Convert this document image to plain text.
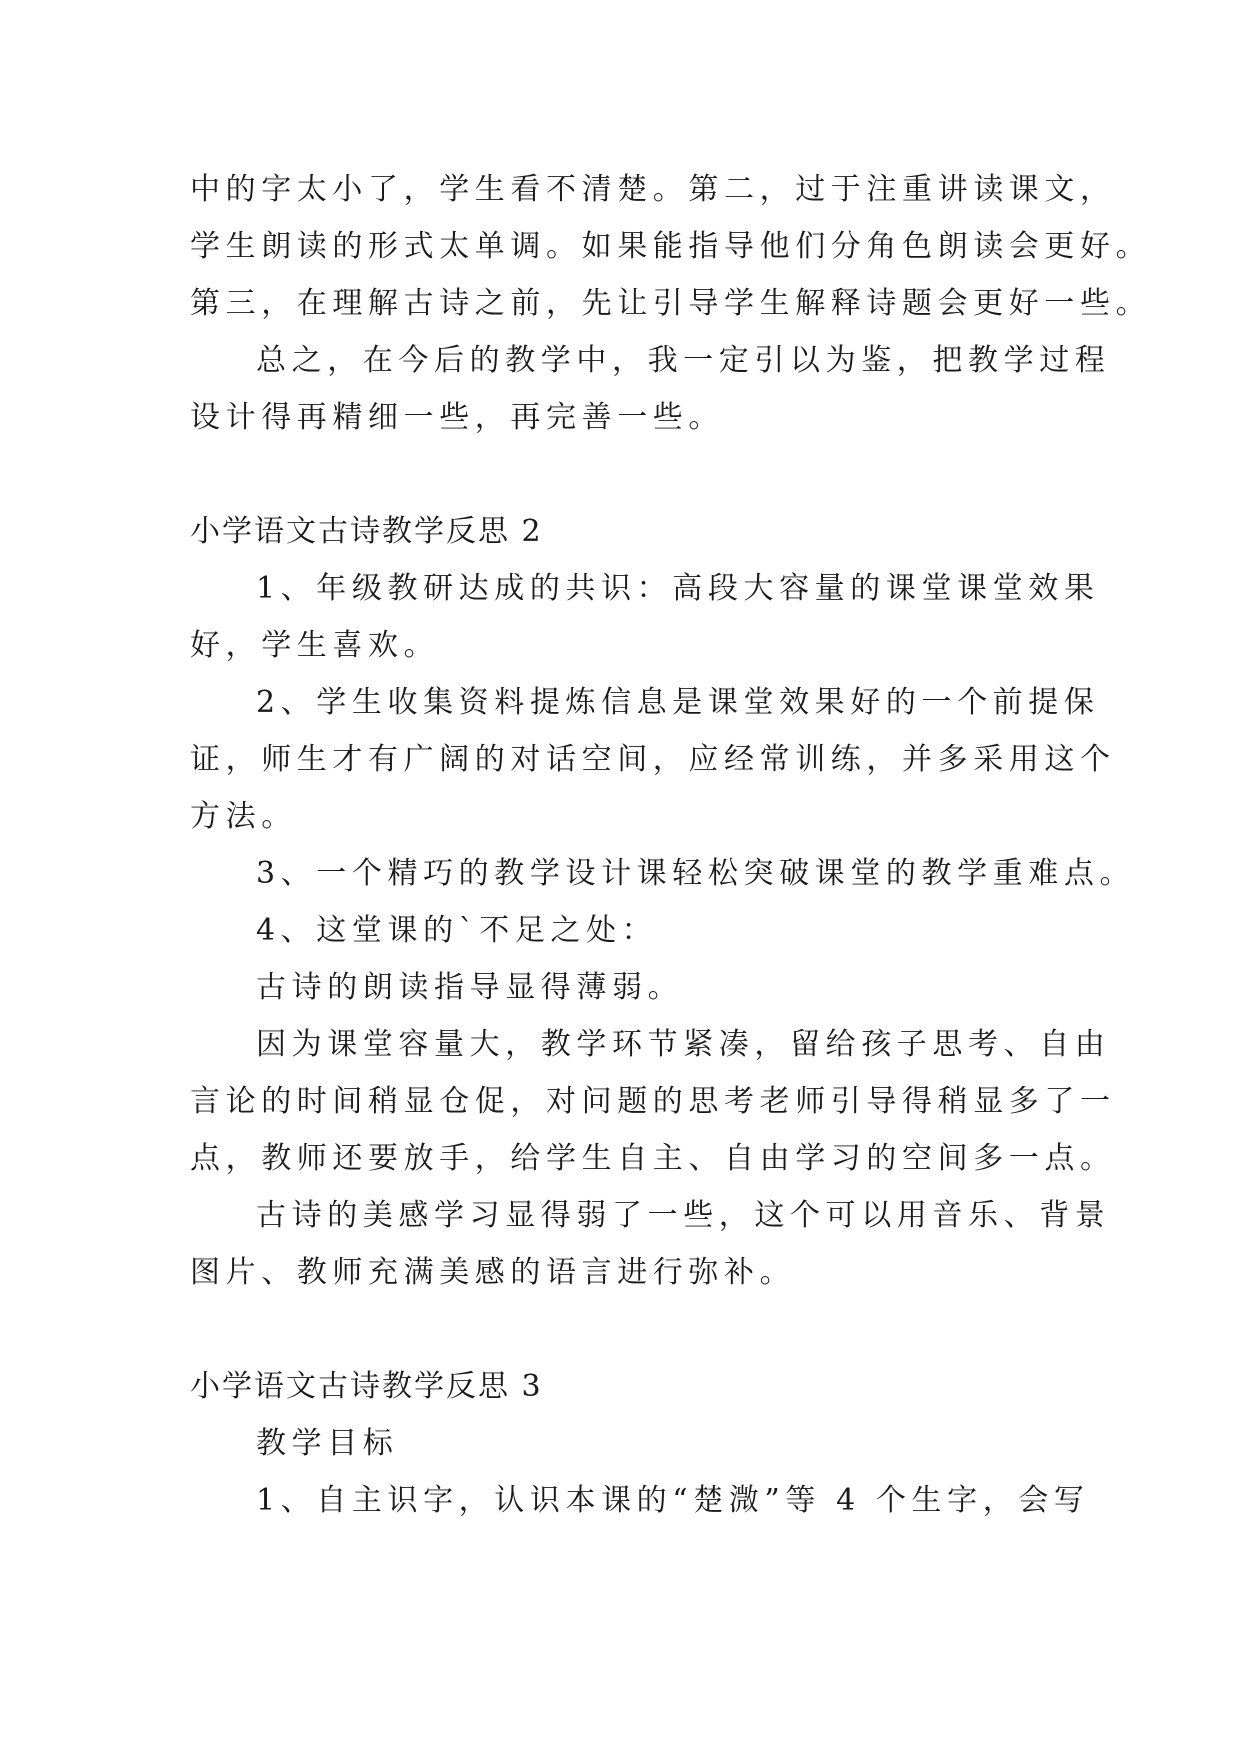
中的字太小了，学生看不清楚。第二，过于注重讲读课文，
学生朗读的形式太单调。如果能指导他们分角色朗读会更好。
第三，在理解古诗之前，先让引导学生解释诗题会更好一些。
总之，在今后的教学中，我一定引以为鉴，把教学过程
设计得再精细一些，再完善一些。
小学语文古诗教学反思 2
1、年级教研达成的共识：高段大容量的课堂课堂效果
好，学生喜欢。
2、学生收集资料提炼信息是课堂效果好的一个前提保
证，师生才有广阔的对话空间，应经常训练，并多采用这个
方法。
3、一个精巧的教学设计课轻松突破课堂的教学重难点。
4、这堂课的`不足之处：
古诗的朗读指导显得薄弱。
因为课堂容量大，教学环节紧凑，留给孩子思考、自由
言论的时间稍显仓促，对问题的思考老师引导得稍显多了一
点，教师还要放手，给学生自主、自由学习的空间多一点。
古诗的美感学习显得弱了一些，这个可以用音乐、背景
图片、教师充满美感的语言进行弥补。
小学语文古诗教学反思 3
教学目标
1、自主识字，认识本课的“楚溦”等 4 个生字，会写
